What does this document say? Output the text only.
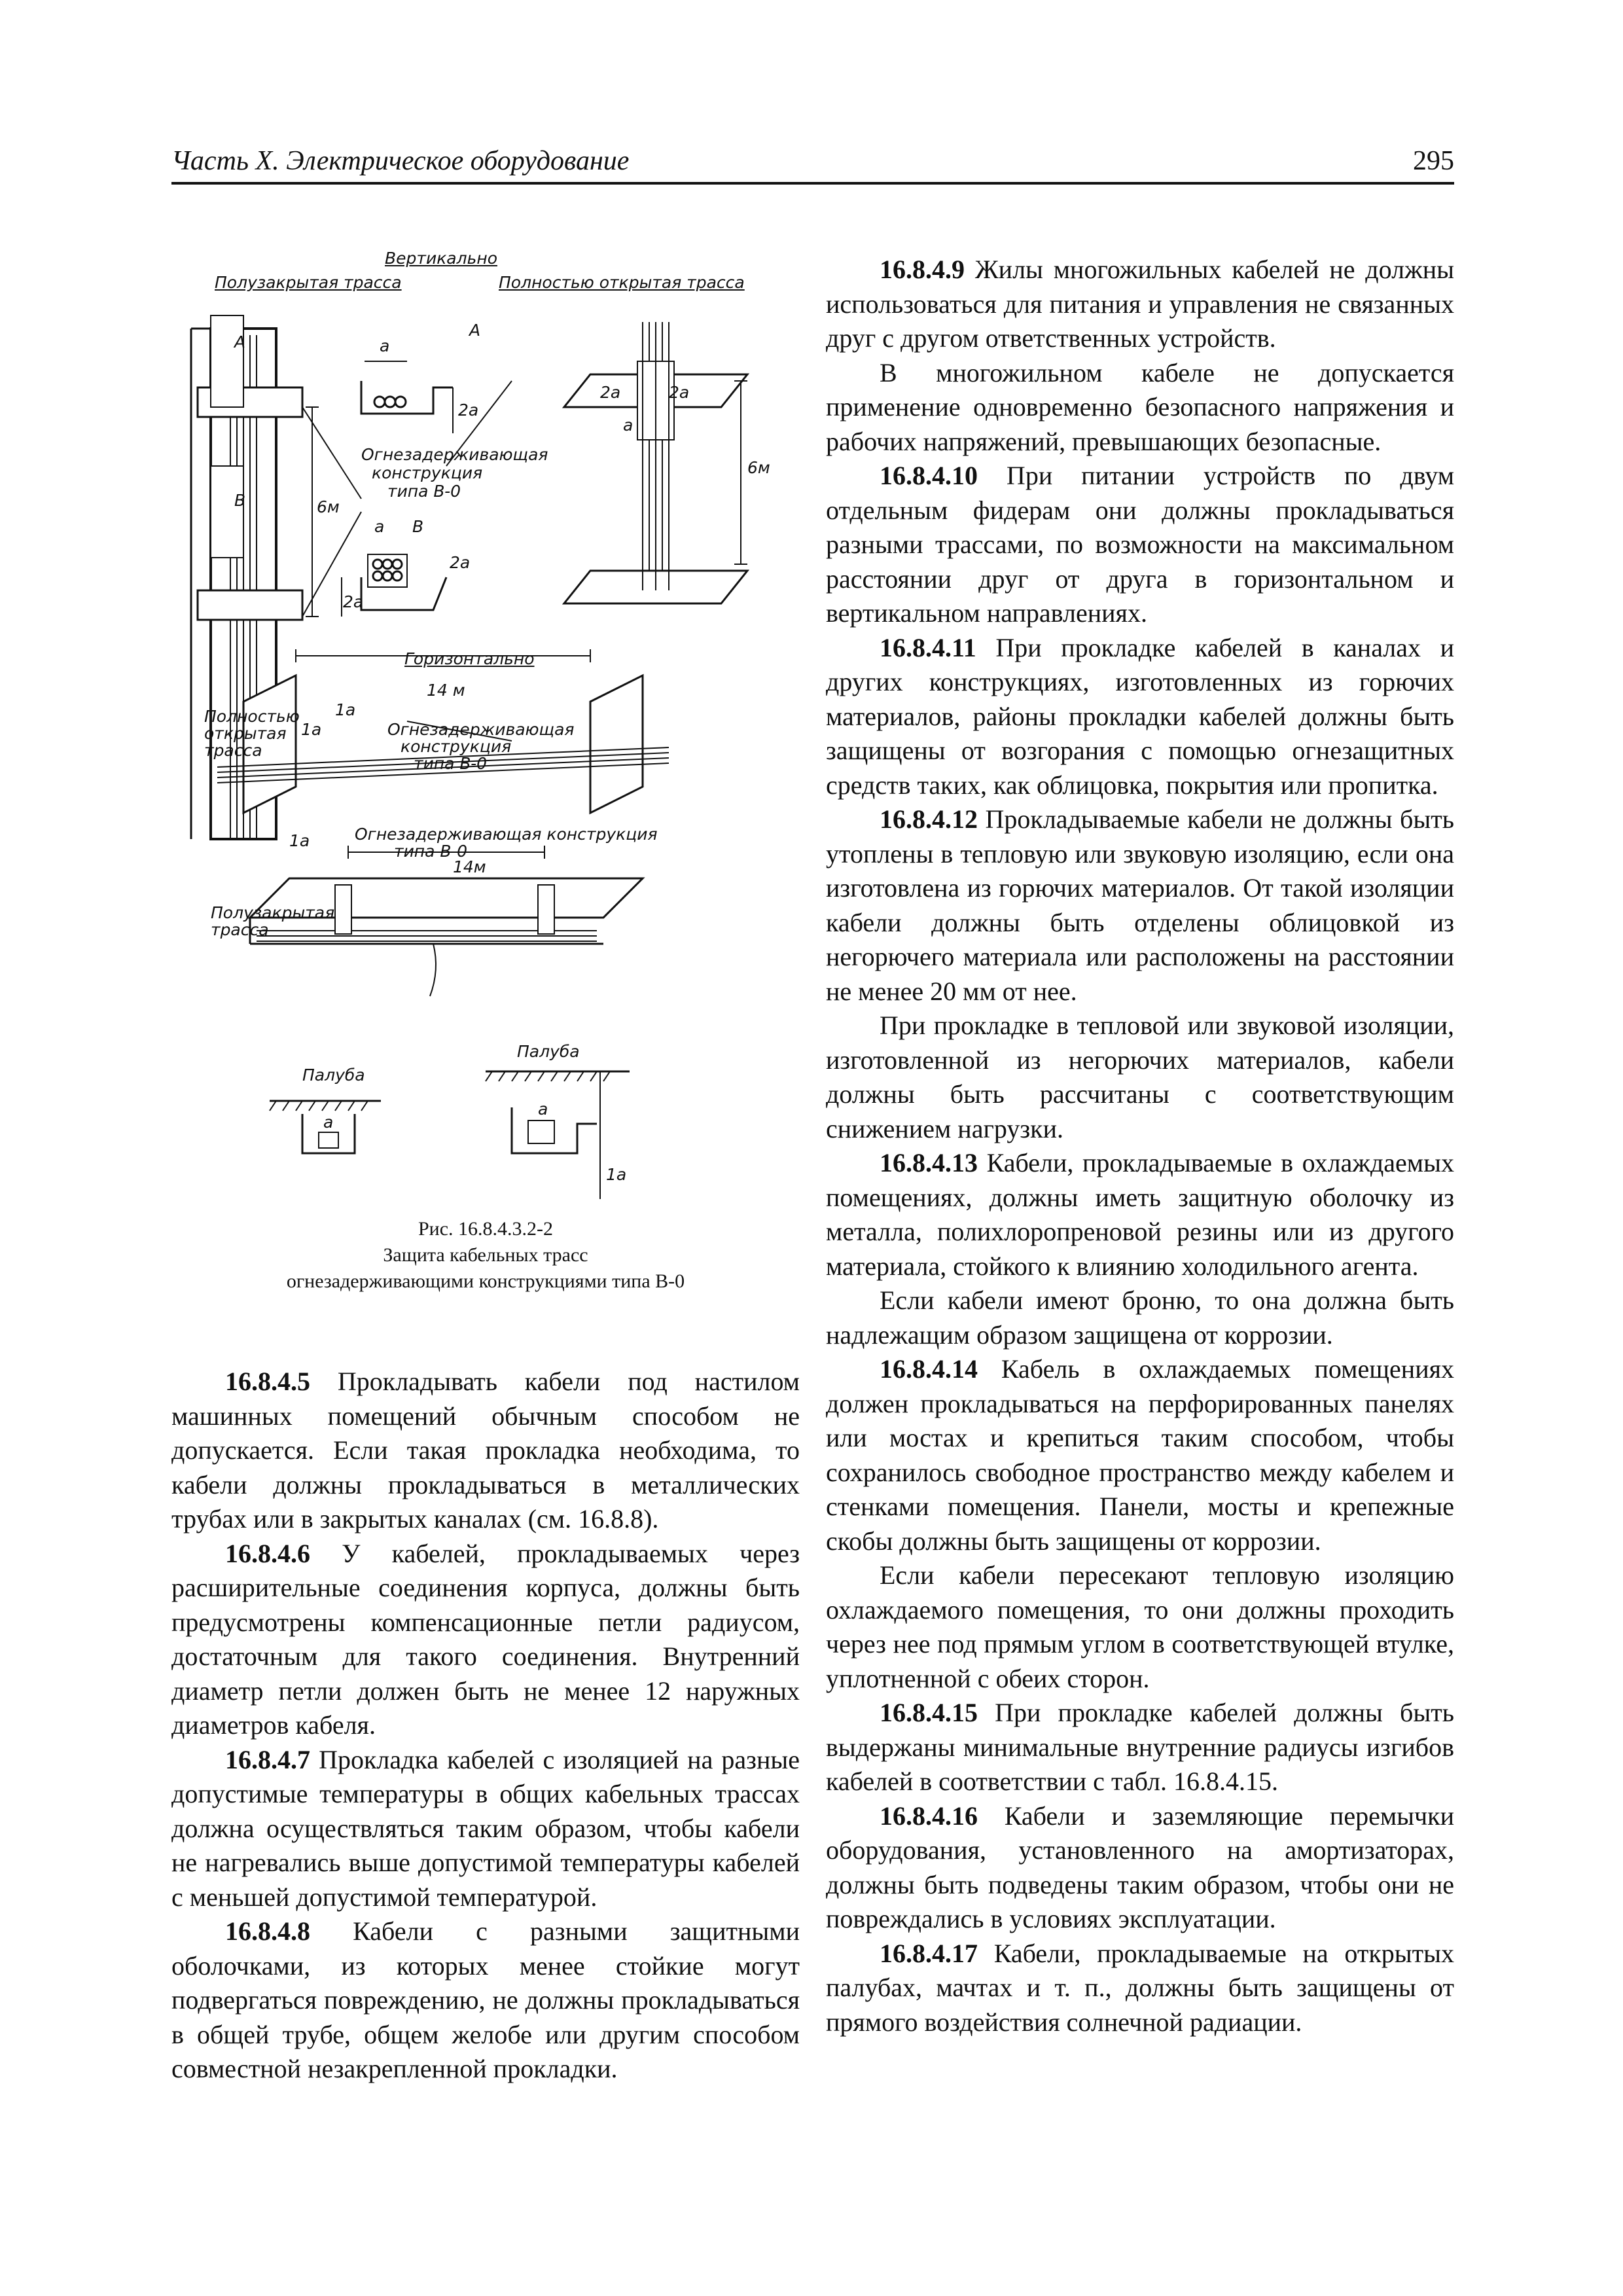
Часть X. Электрическое оборудование	295
Вертикально
Полузакрытая трасса	Полностью открытая трасса
A
B
A
a
2a
6м
Огнезадерживающая
конструкция
типа B-0
a B
2a
2a
2a	2a
a
6м
Горизонтально
14 м
Полностью
открытая
трасса
1a
1a	Огнезадерживающая
конструкция
типа B-0
1a	Огнезадерживающая конструкция
типа B-0
14м
Полузакрытая
трасса
Палуба
Палуба
a
a
1a
Рис. 16.8.4.3.2-2
Защита кабельных трасс
огнезадерживающими конструкциями типа B-0

16.8.4.5 Прокладывать кабели под настилом машинных помещений обычным способом не допускается. Если такая прокладка необходима, то кабели должны прокладываться в металлических трубах или в закрытых каналах (см. 16.8.8).

16.8.4.6 У кабелей, прокладываемых через расширительные соединения корпуса, должны быть предусмотрены компенсационные петли радиусом, достаточным для такого соединения. Внутренний диаметр петли должен быть не менее 12 наружных диаметров кабеля.

16.8.4.7 Прокладка кабелей с изоляцией на разные допустимые температуры в общих кабельных трассах должна осуществляться таким образом, чтобы кабели не нагревались выше допустимой температуры кабелей с меньшей допустимой температурой.

16.8.4.8 Кабели с разными защитными оболочками, из которых менее стойкие могут подвергаться повреждению, не должны прокладываться в общей трубе, общем желобе или другим способом совместной незакрепленной прокладки.

16.8.4.9 Жилы многожильных кабелей не должны использоваться для питания и управления не связанных друг с другом ответственных устройств.

В многожильном кабеле не допускается применение одновременно безопасного напряжения и рабочих напряжений, превышающих безопасные.

16.8.4.10 При питании устройств по двум отдельным фидерам они должны прокладываться разными трассами, по возможности на максимальном расстоянии друг от друга в горизонтальном и вертикальном направлениях.

16.8.4.11 При прокладке кабелей в каналах и других конструкциях, изготовленных из горючих материалов, районы прокладки кабелей должны быть защищены от возгорания с помощью огнезащитных средств таких, как облицовка, покрытия или пропитка.

16.8.4.12 Прокладываемые кабели не должны быть утоплены в тепловую или звуковую изоляцию, если она изготовлена из горючих материалов. От такой изоляции кабели должны быть отделены облицовкой из негорючего материала или расположены на расстоянии не менее 20 мм от нее.

При прокладке в тепловой или звуковой изоляции, изготовленной из негорючих материалов, кабели должны быть рассчитаны с соответствующим снижением нагрузки.

16.8.4.13 Кабели, прокладываемые в охлаждаемых помещениях, должны иметь защитную оболочку из металла, полихлоропреновой резины или из другого материала, стойкого к влиянию холодильного агента.

Если кабели имеют броню, то она должна быть надлежащим образом защищена от коррозии.

16.8.4.14 Кабель в охлаждаемых помещениях должен прокладываться на перфорированных панелях или мостах и крепиться таким способом, чтобы сохранилось свободное пространство между кабелем и стенками помещения. Панели, мосты и крепежные скобы должны быть защищены от коррозии.

Если кабели пересекают тепловую изоляцию охлаждаемого помещения, то они должны проходить через нее под прямым углом в соответствующей втулке, уплотненной с обеих сторон.

16.8.4.15 При прокладке кабелей должны быть выдержаны минимальные внутренние радиусы изгибов кабелей в соответствии с табл. 16.8.4.15.

16.8.4.16 Кабели и заземляющие перемычки оборудования, установленного на амортизаторах, должны быть подведены таким образом, чтобы они не повреждались в условиях эксплуатации.

16.8.4.17 Кабели, прокладываемые на открытых палубах, мачтах и т. п., должны быть защищены от прямого воздействия солнечной радиации.
